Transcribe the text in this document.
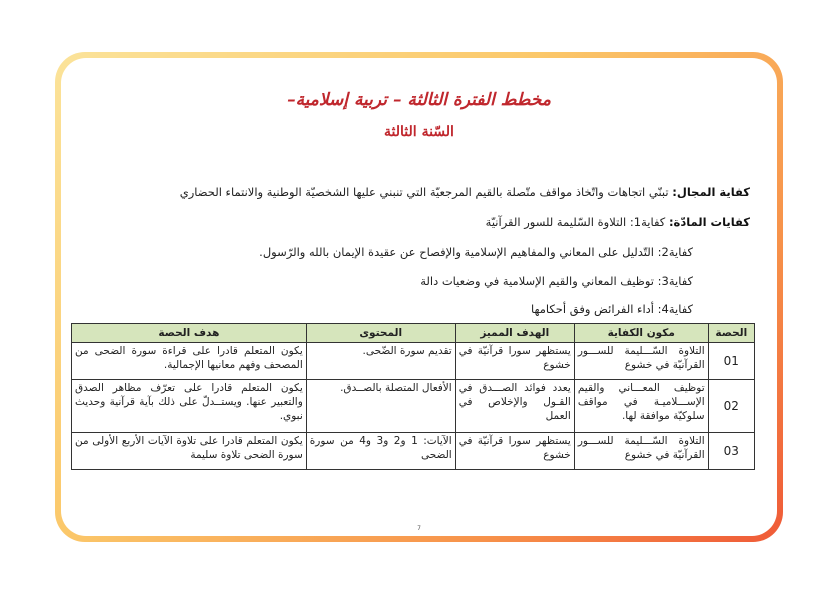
مخطط الفترة الثالثة – تربية إسلامية–
السّنة الثالثة
كفاية المجال: تبنّي اتجاهات واتّخاذ مواقف متّصلة بالقيم المرجعيّة التي تنبني عليها الشخصيّة الوطنية والانتماء الحضاري
كفايات المادّة: كفاية1: التلاوة السّليمة للسور القرآنيّة
كفاية2: التّدليل على المعاني والمفاهيم الإسلامية والإفصاح عن عقيدة الإيمان بالله والرّسول.
كفاية3: توظيف المعاني والقيم الإسلامية في وضعيات دالة
كفاية4: أداء الفرائض وفق أحكامها
الحصة	مكون الكفاية	الهدف المميز	المحتوى	هدف الحصة
01	التلاوة السّـــليمة للســـور القرآنيّة في خشوع	يستظهر سورا قرآنيّة في خشوع	تقديم سورة الضّحى.	يكون المتعلم قادرا على قراءة سورة الضحى من المصحف وفهم معانيها الإجمالية.
02	توظيف المعـــاني والقيم الإســـلاميـة في مواقف سلوكيّة موافقة لها.	يعدد فوائد الصـــدق في القـول والإخلاص في العمل	الأفعال المتصلة بالصــدق.	يكون المتعلم قادرا على تعرّف مظاهر الصدق والتعبير عنها. ويستــدلّ على ذلك بآية قرآنية وحديث نبوي.
03	التلاوة السّـــليمة للســـور القرآنيّة في خشوع	يستظهر سورا قرآنيّة في خشوع	الآيات: 1 و2 و3 و4 من سورة الضحى	يكون المتعلم قادرا على تلاوة الآيات الأربع الأولى من سورة الضحى تلاوة سليمة
7
